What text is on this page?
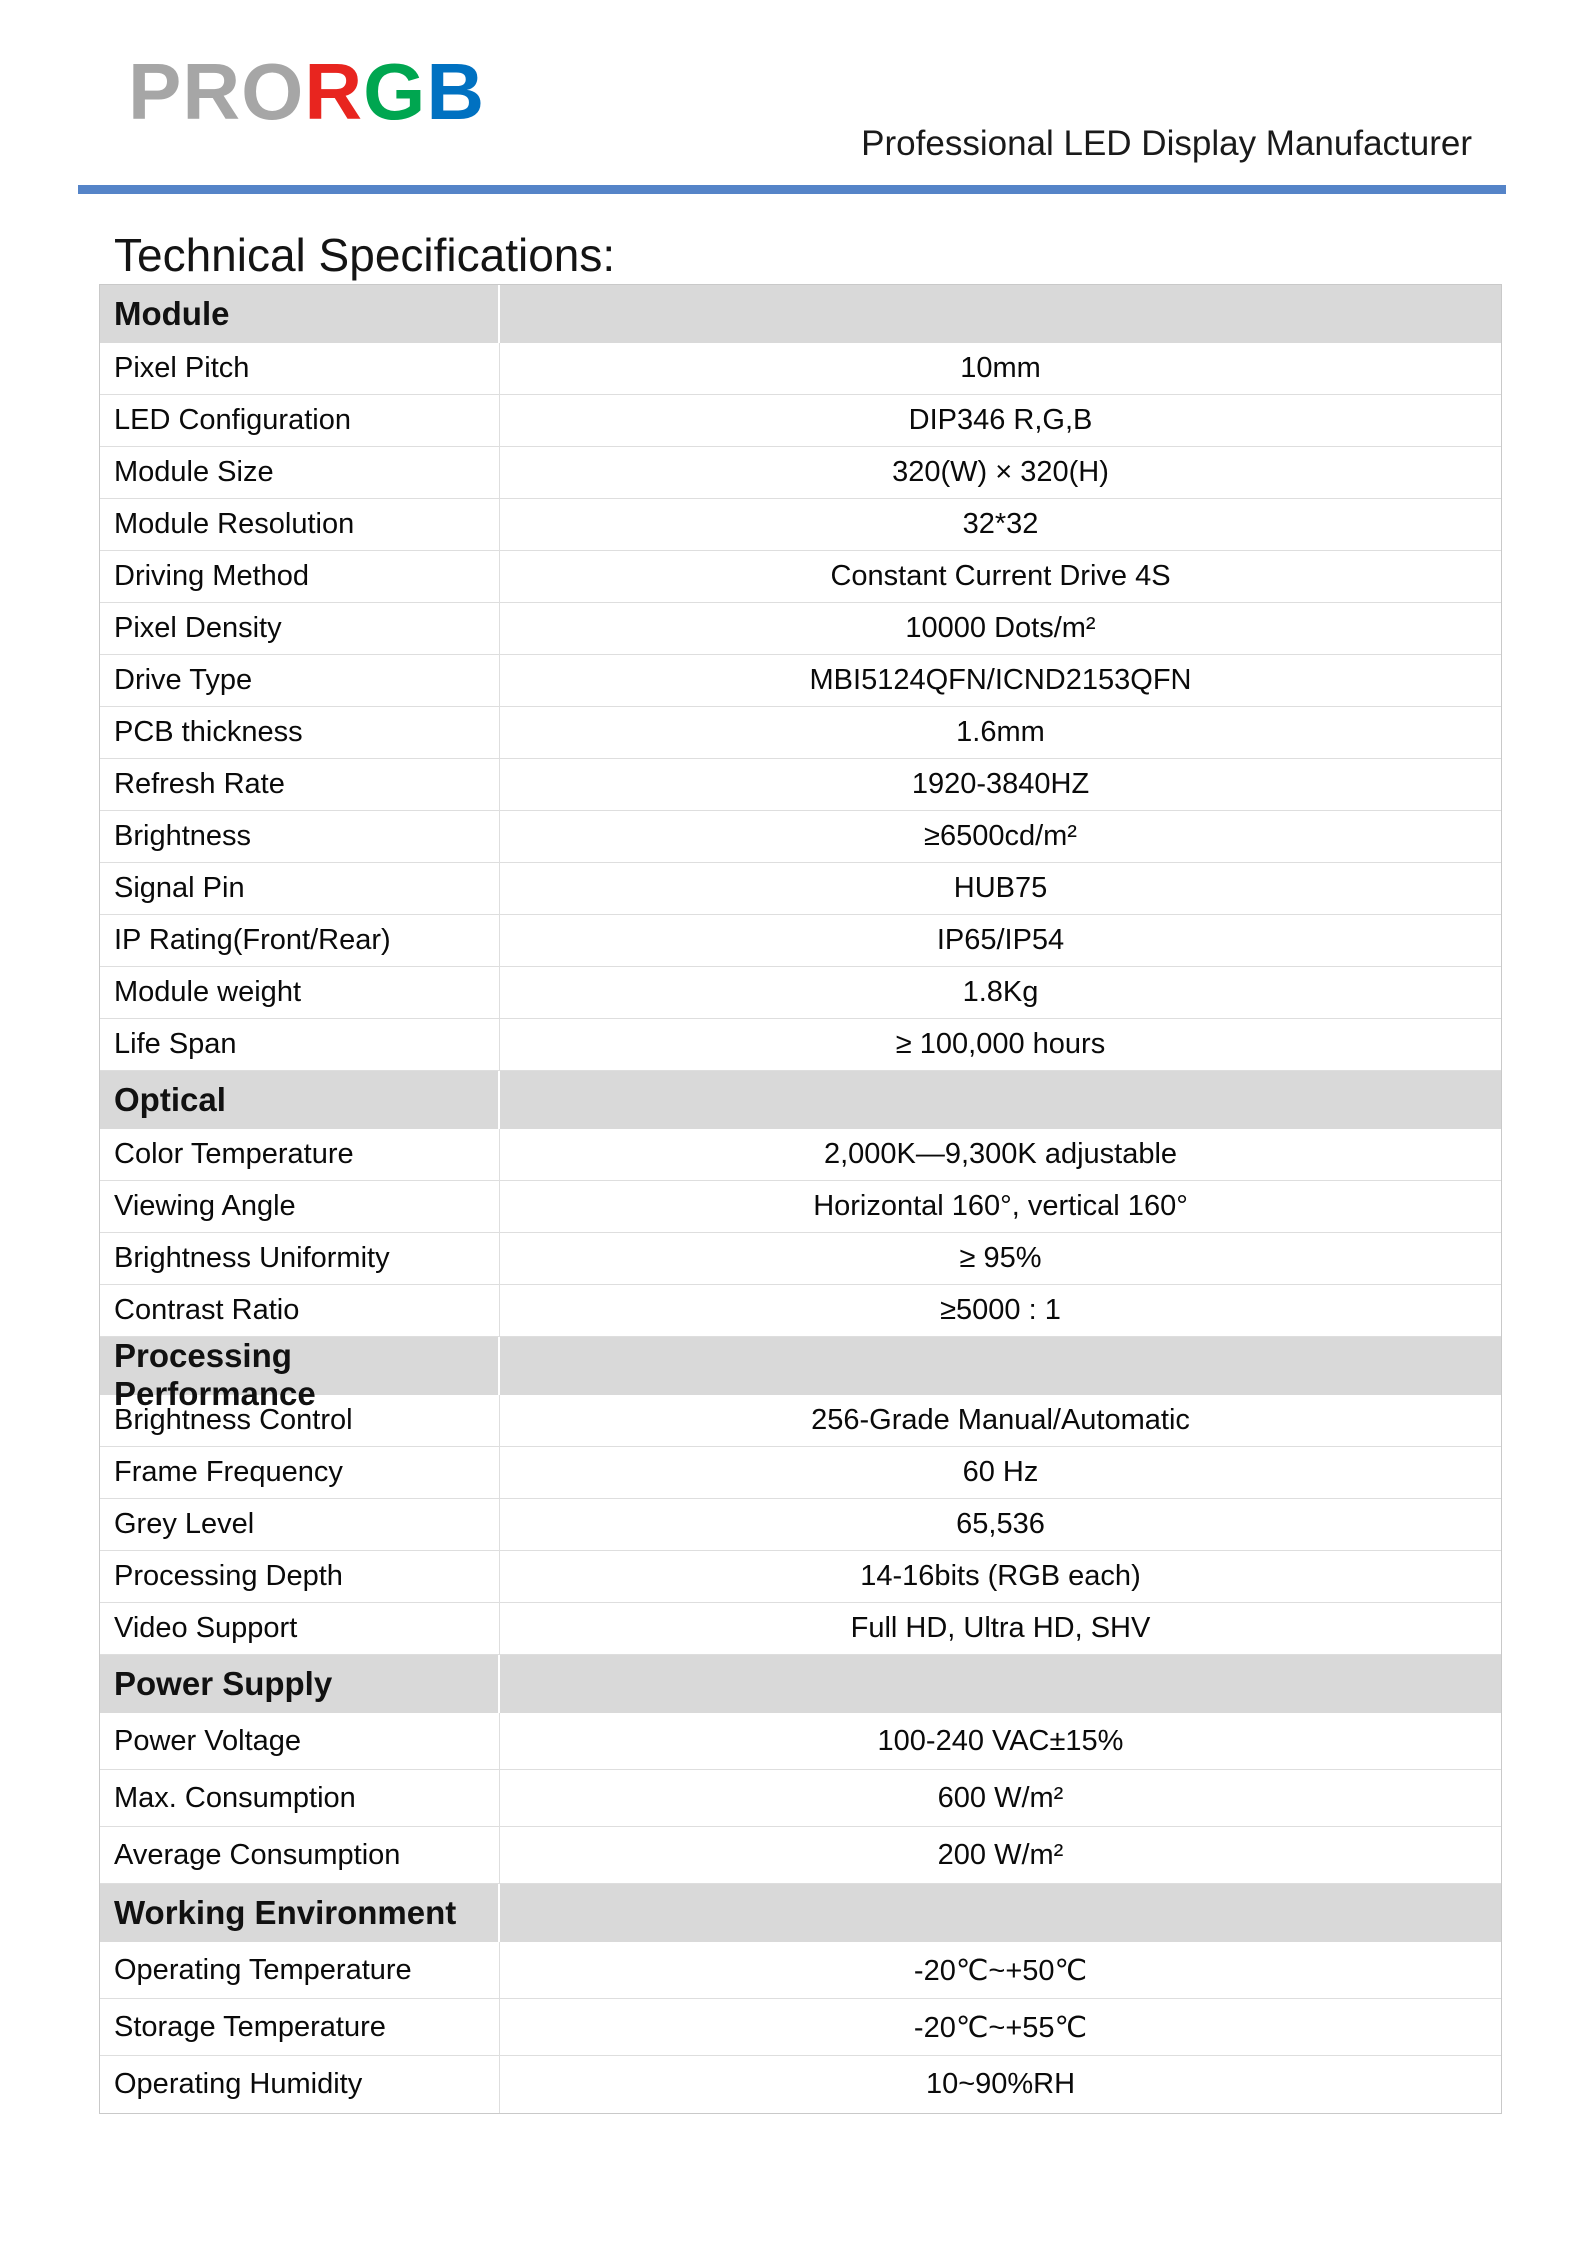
PRORGB
Professional LED Display Manufacturer
Technical Specifications:
Module
Pixel Pitch	10mm
LED Configuration	DIP346 R,G,B
Module Size	320(W) × 320(H)
Module Resolution	32*32
Driving Method	Constant Current Drive 4S
Pixel Density	10000 Dots/m²
Drive Type	MBI5124QFN/ICND2153QFN
PCB thickness	1.6mm
Refresh Rate	1920-3840HZ
Brightness	≥6500cd/m²
Signal Pin	HUB75
IP Rating(Front/Rear)	IP65/IP54
Module weight	1.8Kg
Life Span	≥ 100,000 hours
Optical
Color Temperature	2,000K—9,300K adjustable
Viewing Angle	Horizontal 160°, vertical 160°
Brightness Uniformity	≥ 95%
Contrast Ratio	≥5000 : 1
Processing Performance
Brightness Control	256-Grade Manual/Automatic
Frame Frequency	60 Hz
Grey Level	65,536
Processing Depth	14-16bits (RGB each)
Video Support	Full HD, Ultra HD, SHV
Power Supply
Power Voltage	100-240 VAC±15%
Max. Consumption	600 W/m²
Average Consumption	200 W/m²
Working Environment
Operating Temperature	-20℃~+50℃
Storage Temperature	-20℃~+55℃
Operating Humidity	10~90%RH
